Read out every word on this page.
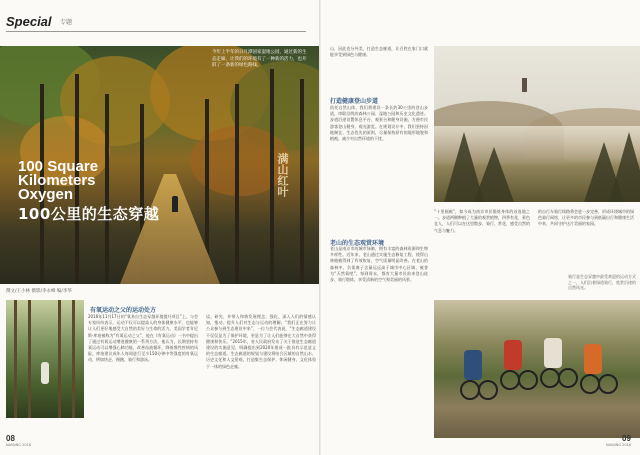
Special 专题
今年上半年的日月潭国家湿地公园，通过新的生态走廊，让我们的环境有了一种新的活力，也开辟了一条新的绿色路线。
100 Square
Kilometers
Oxygen
100公里的生态穿越
满山红叶
撰文/王小林 摄影/李永峰 编/李华
有氧运动之父的运动处方

2016年11月17日的“氧来自生态穿越环境提升项目”上，与会专家纷纷表示，运动不仅可以提高人的身体健康水平，也能够让人们更好地感受大自然的美好与生命的活力。美国学者肯尼斯·库珀被称为“有氧运动之父”，他在《有氧运动》一书中提出了通过有氧运动增进健康的一系列方法。他认为，长期坚持有氧运动可以增强心肺功能，改善血液循环，降低慢性疾病的风险。库珀建议成年人每周进行至少150分钟中等强度的有氧运动，例如快走、慢跑、骑行和游泳。

谈、研究、并带入和谐发展理念，强化、深入人们的情感认知，推动、提升人们对生态与运动的理解。“我们正在努力让公众参与到生态建设中来”，一位与会代表说，“生态廊道建设不仅仅是为了保护环境，更是为了让人们能够在大自然中获得健康和快乐。”2015年，省人民政府发布了关于推进生态廊道建设的实施意见，明确提出到2020年建成一批具有示范意义的生态廊道。生态廊道的规划与建设将结合区域的自然山水、历史文化和人文景观，打造集生态保护、休闲健身、文化体验于一体的绿色走廊。

08
NANJING 2016

山，因此也分外美，打造生态廊道，让百姓在家门口就能享受到绿色与健康。

打造健康登山步道

依托自然山体，我们将建设一条长约30公里的登山步道，串联沿线的森林公园、湿地公园和历史文化遗迹。步道沿途设置休息平台、观景台和健身设施，方便市民游客登山健身、观光游览。在规划设计中，我们坚持因地制宜、生态优先的原则，尽量保持原有的地形地貌和植被，减少对自然环境的干扰。

老山的生态观赏环境

老山是南京市的城市绿肺，拥有丰富的森林资源和生物多样性。近年来，老山通过实施生态修复工程，使得山林植被得到了有效恢复，空气质量明显改善。在老山的森林中，负氧离子含量远远高于城市中心区域，被誉为“天然氧吧”。每到周末，都有大量市民前来登山徒步、骑行锻炼，享受清新的空气和美丽的风景。

“十里画廊”，如今成为南京市民锻炼身体的首选地之一。步道两侧种植了大量的观赏植物，四季有花，景色宜人，人们可以在这里散步、骑行、赏花，感受自然的气息与魅力。

的自行车骑行线路将会进一步完善，形成环绕城市的绿色骑行网络，让更多的市民参与到低碳出行和健康生活中来，共同守护这片美丽的家园。

骑行是生态穿越中最受欢迎的运动方式之一，人们沿着绿道骑行，欣赏沿途的自然风光。
09
NANJING 2016
